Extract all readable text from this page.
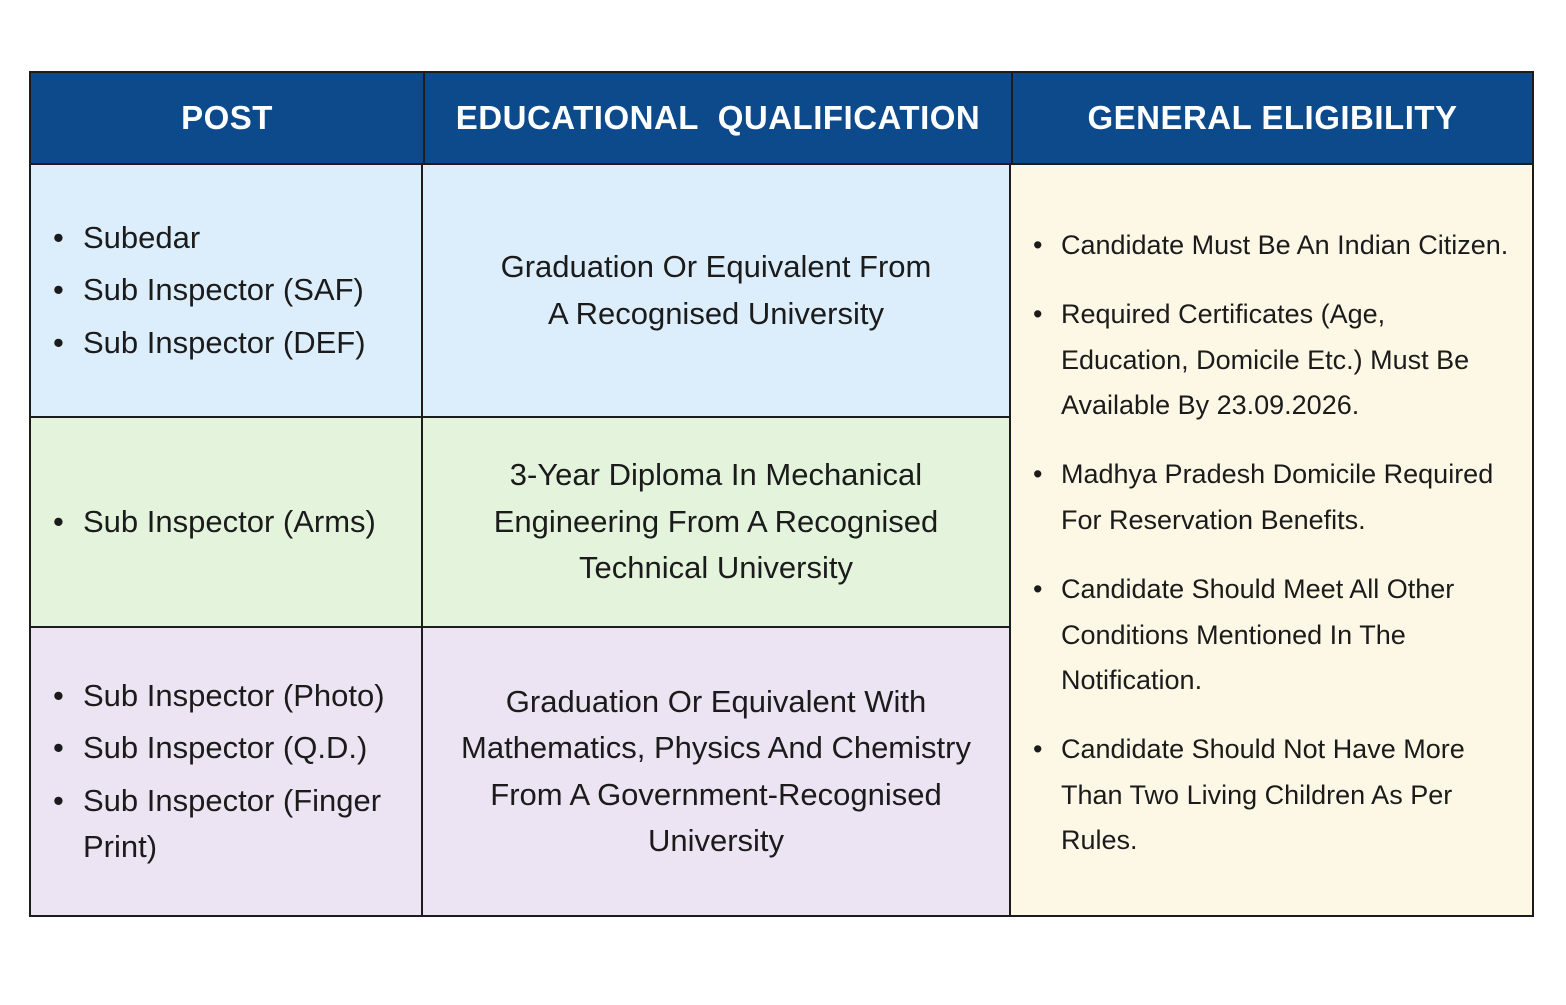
POST	EDUCATIONAL  QUALIFICATION	GENERAL ELIGIBILITY
• Subedar
• Sub Inspector (SAF)
• Sub Inspector (DEF)
Graduation Or Equivalent From
A Recognised University
• Candidate Must Be An Indian Citizen.
• Required Certificates (Age, Education, Domicile Etc.) Must Be Available By 23.09.2026.
• Madhya Pradesh Domicile Required For Reservation Benefits.
• Candidate Should Meet All Other Conditions Mentioned In The Notification.
• Candidate Should Not Have More Than Two Living Children As Per Rules.
• Sub Inspector (Arms)
3-Year Diploma In Mechanical
Engineering From A Recognised
Technical University
• Sub Inspector (Photo)
• Sub Inspector (Q.D.)
• Sub Inspector (Finger Print)
Graduation Or Equivalent With
Mathematics, Physics And Chemistry
From A Government-Recognised
University
